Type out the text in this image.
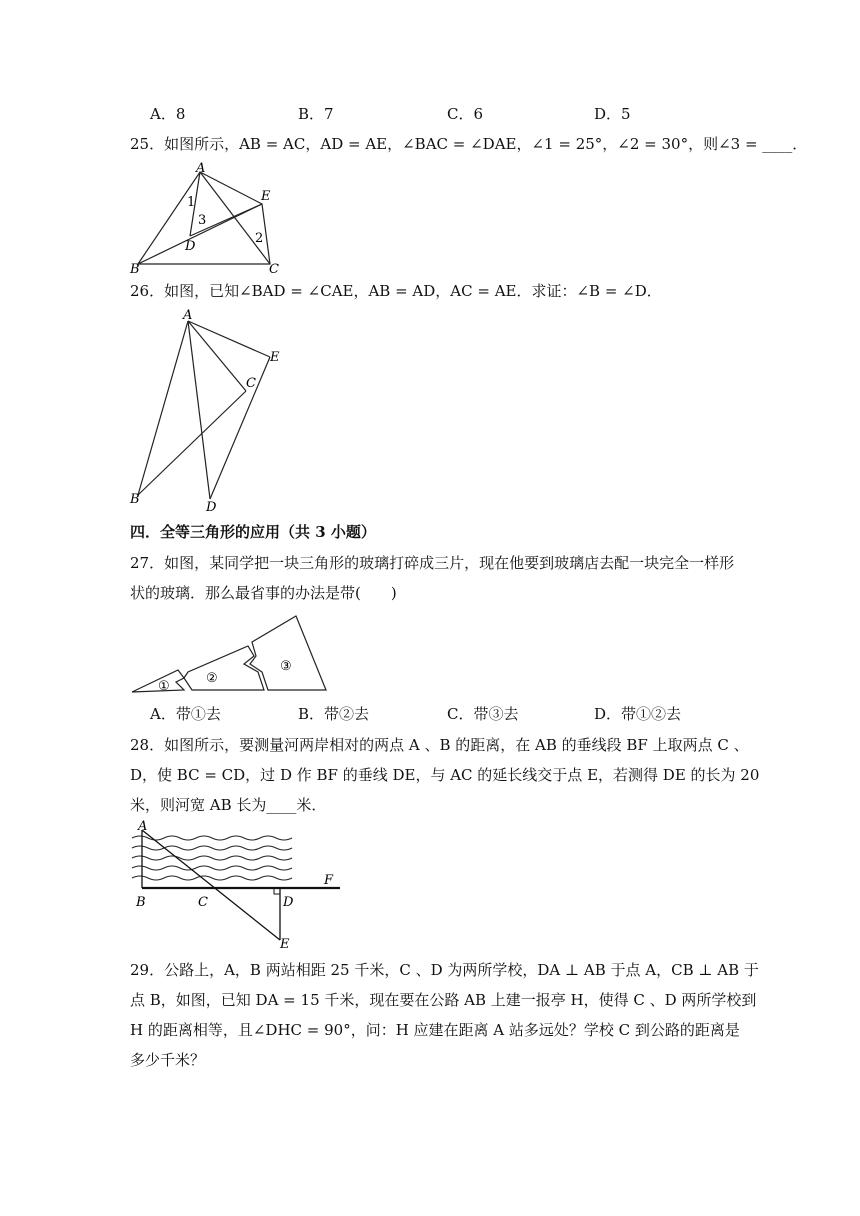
A．8	B．7	C．6	D．5
25．如图所示，AB = AC，AD = AE，∠BAC = ∠DAE，∠1 = 25°，∠2 = 30°，则∠3 = ____．
A
E
B	C
D
1
3
2
26．如图，已知∠BAD = ∠CAE，AB = AD，AC = AE．求证：∠B = ∠D．
A
E
C
B
D
四．全等三角形的应用（共 3 小题）
27．如图，某同学把一块三角形的玻璃打碎成三片，现在他要到玻璃店去配一块完全一样形
状的玻璃．那么最省事的办法是带(　　)
①
②
③
A．带①去	B．带②去	C．带③去	D．带①②去
28．如图所示，要测量河两岸相对的两点 A 、B 的距离，在 AB 的垂线段 BF 上取两点 C 、
D，使 BC = CD，过 D 作 BF 的垂线 DE，与 AC 的延长线交于点 E，若测得 DE 的长为 20
米，则河宽 AB 长为____米．
A
F
B	C	D
E
29．公路上，A，B 两站相距 25 千米，C 、D 为两所学校，DA ⊥ AB 于点 A，CB ⊥ AB 于
点 B，如图，已知 DA = 15 千米，现在要在公路 AB 上建一报亭 H，使得 C 、D 两所学校到
H 的距离相等，且∠DHC = 90°，问：H 应建在距离 A 站多远处？学校 C 到公路的距离是
多少千米？
